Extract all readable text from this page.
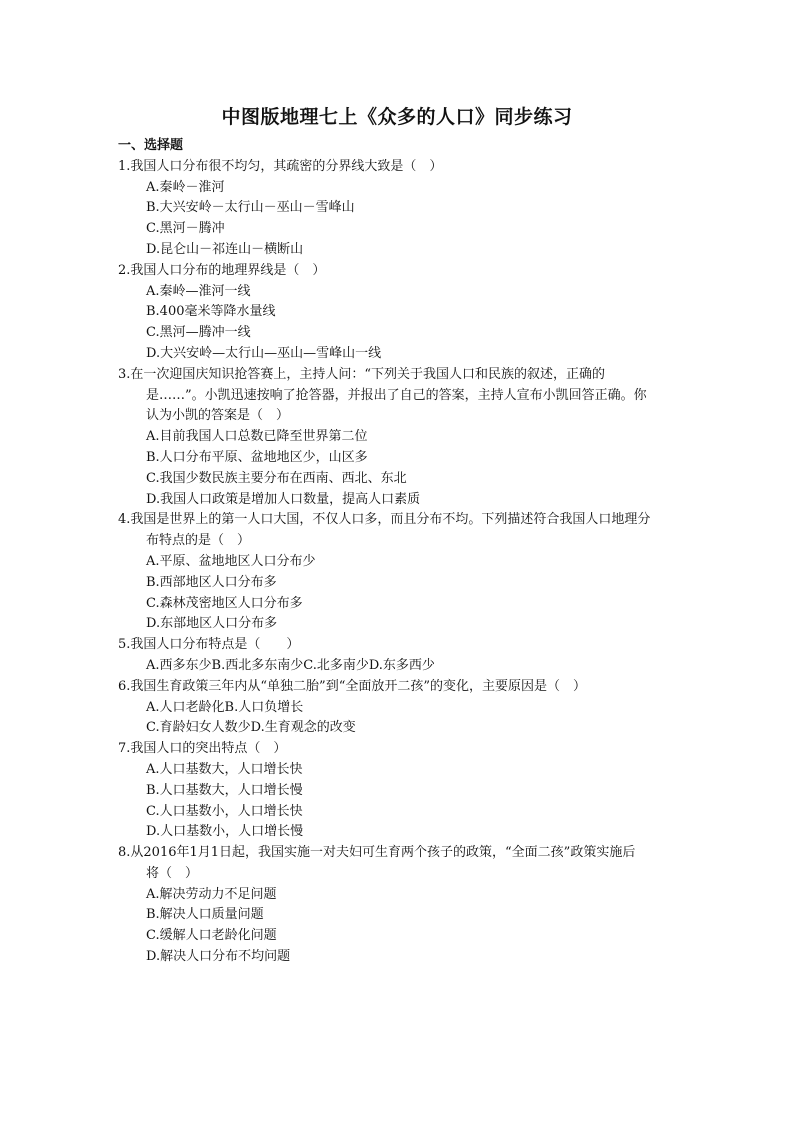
中图版地理七上《众多的人口》同步练习
一、选择题
1.我国人口分布很不均匀，其疏密的分界线大致是（　）
A.秦岭－淮河
B.大兴安岭－太行山－巫山－雪峰山
C.黑河－腾冲
D.昆仑山－祁连山－横断山
2.我国人口分布的地理界线是（　）
A.秦岭—淮河一线
B.400毫米等降水量线
C.黑河—腾冲一线
D.大兴安岭—太行山—巫山—雪峰山一线
3.在一次迎国庆知识抢答赛上，主持人问：“下列关于我国人口和民族的叙述，正确的
是……”。小凯迅速按响了抢答器，并报出了自己的答案，主持人宣布小凯回答正确。你
认为小凯的答案是（　）
A.目前我国人口总数已降至世界第二位
B.人口分布平原、盆地地区少，山区多
C.我国少数民族主要分布在西南、西北、东北
D.我国人口政策是增加人口数量，提高人口素质
4.我国是世界上的第一人口大国，不仅人口多，而且分布不均。下列描述符合我国人口地理分
布特点的是（　）
A.平原、盆地地区人口分布少
B.西部地区人口分布多
C.森林茂密地区人口分布多
D.东部地区人口分布多
5.我国人口分布特点是（　　）
A.西多东少B.西北多东南少C.北多南少D.东多西少
6.我国生育政策三年内从“单独二胎”到“全面放开二孩”的变化，主要原因是（　）
A.人口老龄化B.人口负增长
C.育龄妇女人数少D.生育观念的改变
7.我国人口的突出特点（　）
A.人口基数大，人口增长快
B.人口基数大，人口增长慢
C.人口基数小，人口增长快
D.人口基数小，人口增长慢
8.从2016年1月1日起，我国实施一对夫妇可生育两个孩子的政策，“全面二孩”政策实施后
将（　）
A.解决劳动力不足问题
B.解决人口质量问题
C.缓解人口老龄化问题
D.解决人口分布不均问题
